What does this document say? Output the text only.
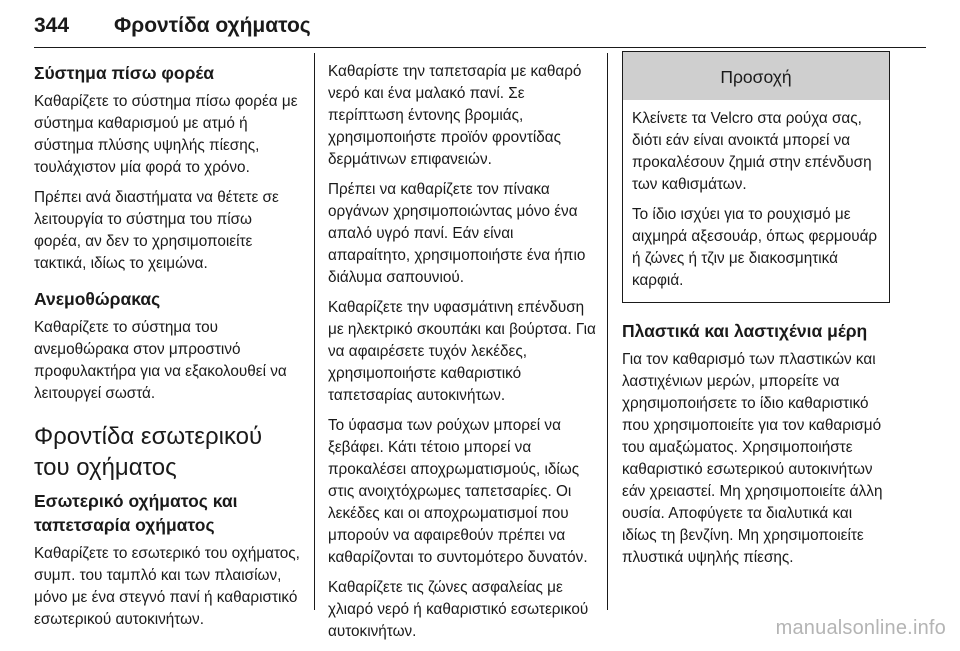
344 Φροντίδα οχήματος
Σύστημα πίσω φορέα

Καθαρίζετε το σύστημα πίσω φορέα με σύστημα καθαρισμού με ατμό ή σύστημα πλύσης υψηλής πίεσης, τουλάχιστον μία φορά το χρόνο.

Πρέπει ανά διαστήματα να θέτετε σε λειτουργία το σύστημα του πίσω φορέα, αν δεν το χρησιμοποιείτε τακτικά, ιδίως το χειμώνα.

Ανεμοθώρακας

Καθαρίζετε το σύστημα του ανεμοθώρακα στον μπροστινό προφυλακτήρα για να εξακολουθεί να λειτουργεί σωστά.

Φροντίδα εσωτερικού του οχήματος
Εσωτερικό οχήματος και ταπετσαρία οχήματος

Καθαρίζετε το εσωτερικό του οχήματος, συμπ. του ταμπλό και των πλαισίων, μόνο με ένα στεγνό πανί ή καθαριστικό εσωτερικού αυτοκινήτων.

Καθαρίστε την ταπετσαρία με καθαρό νερό και ένα μαλακό πανί. Σε περίπτωση έντονης βρομιάς, χρησιμοποιήστε προϊόν φροντίδας δερμάτινων επιφανειών.

Πρέπει να καθαρίζετε τον πίνακα οργάνων χρησιμοποιώντας μόνο ένα απαλό υγρό πανί. Εάν είναι απαραίτητο, χρησιμοποιήστε ένα ήπιο διάλυμα σαπουνιού.

Καθαρίζετε την υφασμάτινη επένδυση με ηλεκτρικό σκουπάκι και βούρτσα. Για να αφαιρέσετε τυχόν λεκέδες, χρησιμοποιήστε καθαριστικό ταπετσαρίας αυτοκινήτων.

Το ύφασμα των ρούχων μπορεί να ξεβάφει. Κάτι τέτοιο μπορεί να προκαλέσει αποχρωματισμούς, ιδίως στις ανοιχτόχρωμες ταπετσαρίες. Οι λεκέδες και οι αποχρωματισμοί που μπορούν να αφαιρεθούν πρέπει να καθαρίζονται το συντομότερο δυνατόν.

Καθαρίζετε τις ζώνες ασφαλείας με χλιαρό νερό ή καθαριστικό εσωτερικού αυτοκινήτων.

Προσοχή

Κλείνετε τα Velcro στα ρούχα σας, διότι εάν είναι ανοικτά μπορεί να προκαλέσουν ζημιά στην επένδυση των καθισμάτων.

Το ίδιο ισχύει για το ρουχισμό με αιχμηρά αξεσουάρ, όπως φερμουάρ ή ζώνες ή τζιν με διακοσμητικά καρφιά.

Πλαστικά και λαστιχένια μέρη

Για τον καθαρισμό των πλαστικών και λαστιχένιων μερών, μπορείτε να χρησιμοποιήσετε το ίδιο καθαριστικό που χρησιμοποιείτε για τον καθαρισμό του αμαξώματος. Χρησιμοποιήστε καθαριστικό εσωτερικού αυτοκινήτων εάν χρειαστεί. Μη χρησιμοποιείτε άλλη ουσία. Αποφύγετε τα διαλυτικά και ιδίως τη βενζίνη. Μη χρησιμοποιείτε πλυστικά υψηλής πίεσης.

manualsonline.info
